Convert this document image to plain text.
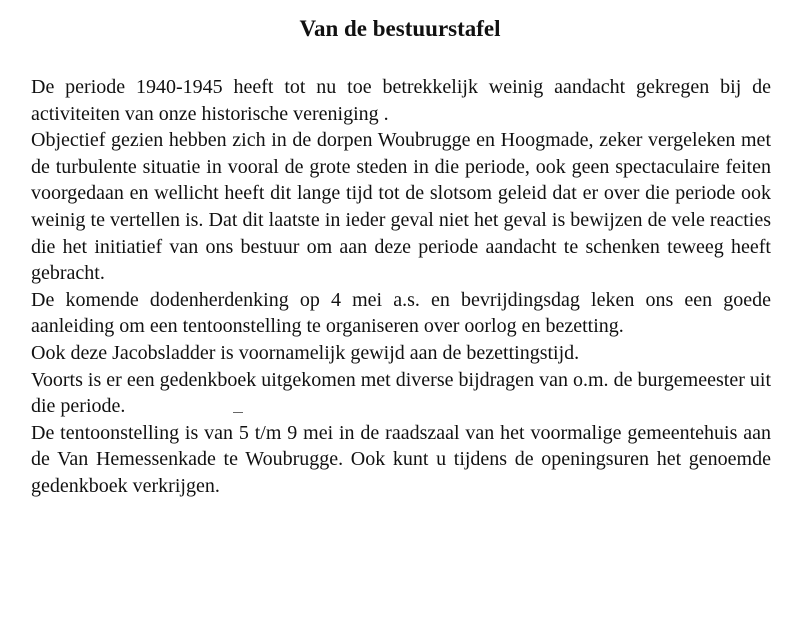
Van de bestuurstafel

De periode 1940-1945 heeft tot nu toe betrekkelijk weinig aandacht gekregen bij de activiteiten van onze historische vereniging .

Objectief gezien hebben zich in de dorpen Woubrugge en Hoogmade, zeker vergeleken met de turbulente situatie in vooral de grote steden in die periode, ook geen spectaculaire feiten voorgedaan en wellicht heeft dit lange tijd tot de slotsom geleid dat er over die periode ook weinig te vertellen is. Dat dit laatste in ieder geval niet het geval is bewijzen de vele reacties die het initiatief van ons bestuur om aan deze periode aandacht te schenken teweeg heeft gebracht.

De komende dodenherdenking op 4 mei a.s. en bevrijdingsdag leken ons een goede aanleiding om een tentoonstelling te organiseren over oorlog en bezetting.

Ook deze Jacobsladder is voornamelijk gewijd aan de bezettingstijd.

Voorts is er een gedenkboek uitgekomen met diverse bijdragen van o.m. de burgemeester uit die periode.

De tentoonstelling is van 5 t/m 9 mei in de raadszaal van het voormalige gemeentehuis aan de Van Hemessenkade te Woubrugge. Ook kunt u tijdens de openingsuren het genoemde gedenkboek verkrijgen.
